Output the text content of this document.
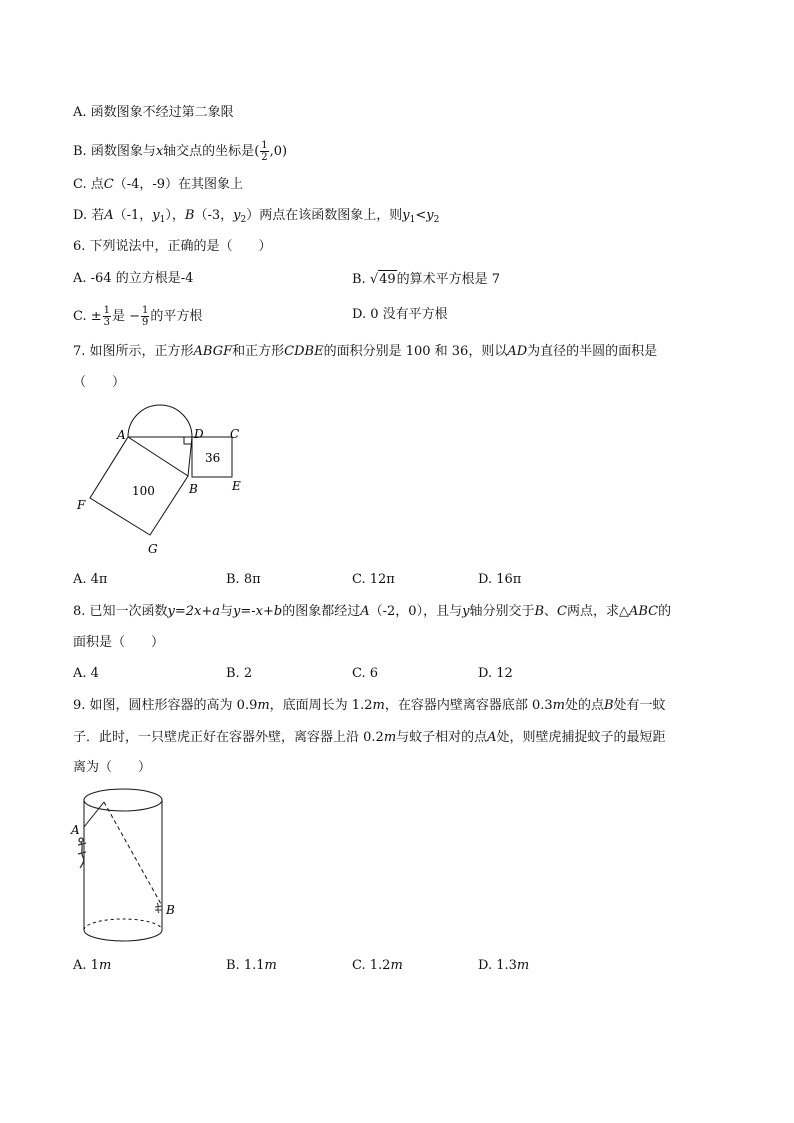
A. 函数图象不经过第二象限
B. 函数图象与x轴交点的坐标是( $\frac{1}{2} ,0$)
C. 点C（-4，-9）在其图象上
D. 若A（-1，$y_1$），B（-3，$y_2$）两点在该函数图象上，则$y_1<y_2$
6. 下列说法中，正确的是（　　）
A. -64 的立方根是-4	B. √49的算术平方根是 7
C. ± $\frac{1}{3}$ 是 − $\frac{1}{9}$ 的平方根	D. 0 没有平方根
7. 如图所示，正方形ABGF和正方形CDBE的面积分别是 100 和 36，则以AD为直径的半圆的面积是
（　　）
A	D C
B	E
F
G
100
36
A. 4π	B. 8π	C. 12π	D. 16π
8. 已知一次函数y=2x+a与y=-x+b的图象都经过A（-2，0），且与y轴分别交于B、C两点，求△ABC的
面积是（　　）
A. 4	B. 2	C. 6	D. 12
9. 如图，圆柱形容器的高为 0.9m，底面周长为 1.2m，在容器内壁离容器底部 0.3m处的点B处有一蚊
子．此时，一只壁虎正好在容器外壁，离容器上沿 0.2m与蚊子相对的点A处，则壁虎捕捉蚊子的最短距
离为（　　）
A
B
A. 1m	B. 1.1m	C. 1.2m	D. 1.3m
